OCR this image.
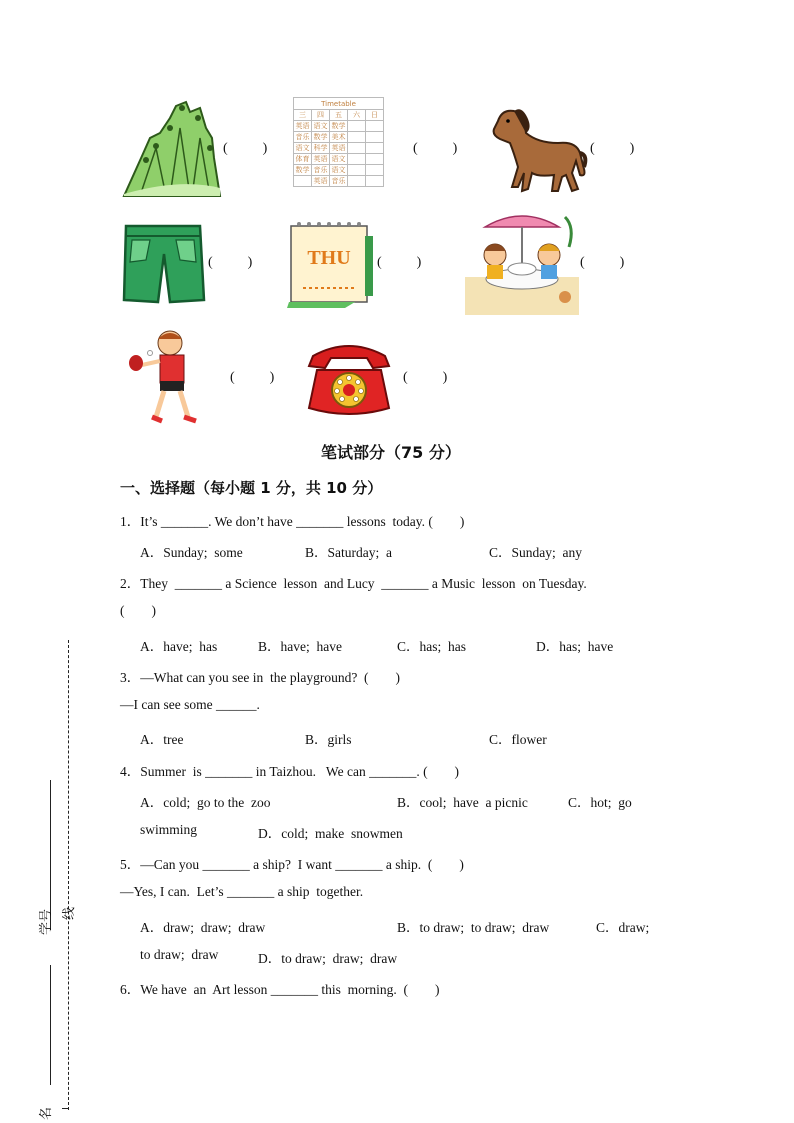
(          )
Timetable				
三	四	五	六	日
英语	语文	数学		
音乐	数学	美术		
语文	科学	英语		
体育	英语	语文		
数学	音乐	语文		
	英语	音乐		
(          )	(          )
(          )	THU (          )	(          )
(          )	(          )
笔试部分（75 分）
一、选择题（每小题 1 分，共 10 分）
1．It’s _______. We don’t have _______ lessons  today. (        )
A．Sunday;  some	B．Saturday;  a	C．Sunday;  any
2．They  _______ a Science  lesson  and Lucy  _______ a Music  lesson  on Tuesday.
(        )
A．have;  has	B．have;  have	C．has;  has	D．has;  have
3．—What can you see in  the playground?  (        )
—I can see some ______.
A．tree	B．girls	C．flower
4．Summer  is _______ in Taizhou.   We can _______. (        )
A．cold;  go to the  zoo	B．cool;  have  a picnic	C．hot;  go
swimming	D．cold;  make  snowmen
5．—Can you _______ a ship?  I want _______ a ship.  (        )
—Yes, I can.  Let’s _______ a ship  together.
A．draw;  draw;  draw	B．to draw;  to draw;  draw	C．draw;
to draw;  draw	D．to draw;  draw;  draw
6．We have  an  Art lesson _______ this  morning.  (        )
学号 线
名
